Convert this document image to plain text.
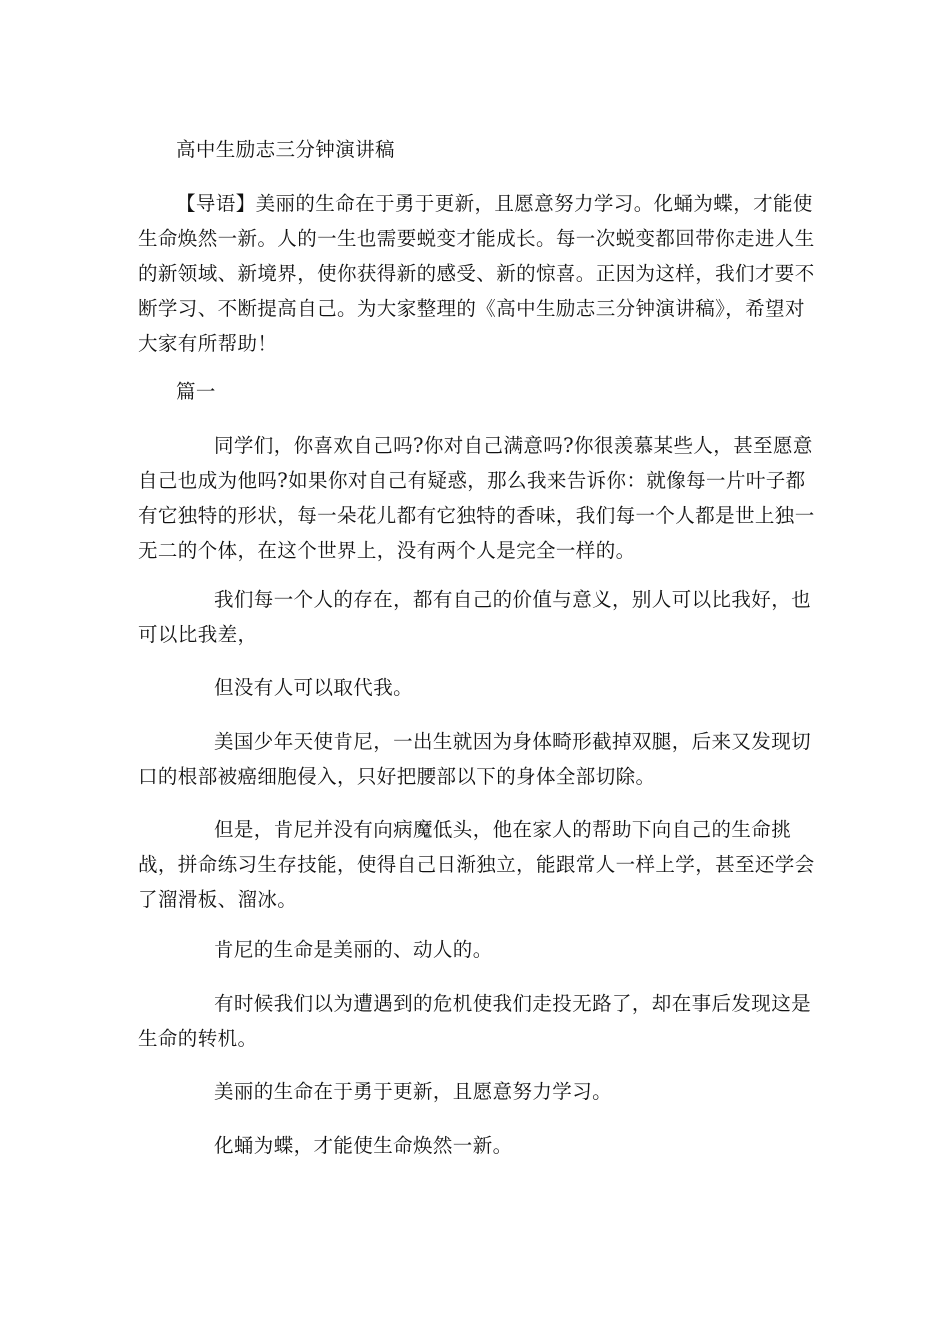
高中生励志三分钟演讲稿

【导语】美丽的生命在于勇于更新，且愿意努力学习。化蛹为蝶，才能使生命焕然一新。人的一生也需要蜕变才能成长。每一次蜕变都回带你走进人生的新领域、新境界，使你获得新的感受、新的惊喜。正因为这样，我们才要不断学习、不断提高自己。为大家整理的《高中生励志三分钟演讲稿》，希望对大家有所帮助！

篇一

同学们，你喜欢自己吗?你对自己满意吗?你很羡慕某些人，甚至愿意自己也成为他吗?如果你对自己有疑惑，那么我来告诉你：就像每一片叶子都有它独特的形状，每一朵花儿都有它独特的香味，我们每一个人都是世上独一无二的个体，在这个世界上，没有两个人是完全一样的。

我们每一个人的存在，都有自己的价值与意义，别人可以比我好，也可以比我差，

但没有人可以取代我。

美国少年天使肯尼，一出生就因为身体畸形截掉双腿，后来又发现切口的根部被癌细胞侵入，只好把腰部以下的身体全部切除。

但是，肯尼并没有向病魔低头，他在家人的帮助下向自己的生命挑战，拼命练习生存技能，使得自己日渐独立，能跟常人一样上学，甚至还学会了溜滑板、溜冰。

肯尼的生命是美丽的、动人的。

有时候我们以为遭遇到的危机使我们走投无路了，却在事后发现这是生命的转机。

美丽的生命在于勇于更新，且愿意努力学习。

化蛹为蝶，才能使生命焕然一新。
